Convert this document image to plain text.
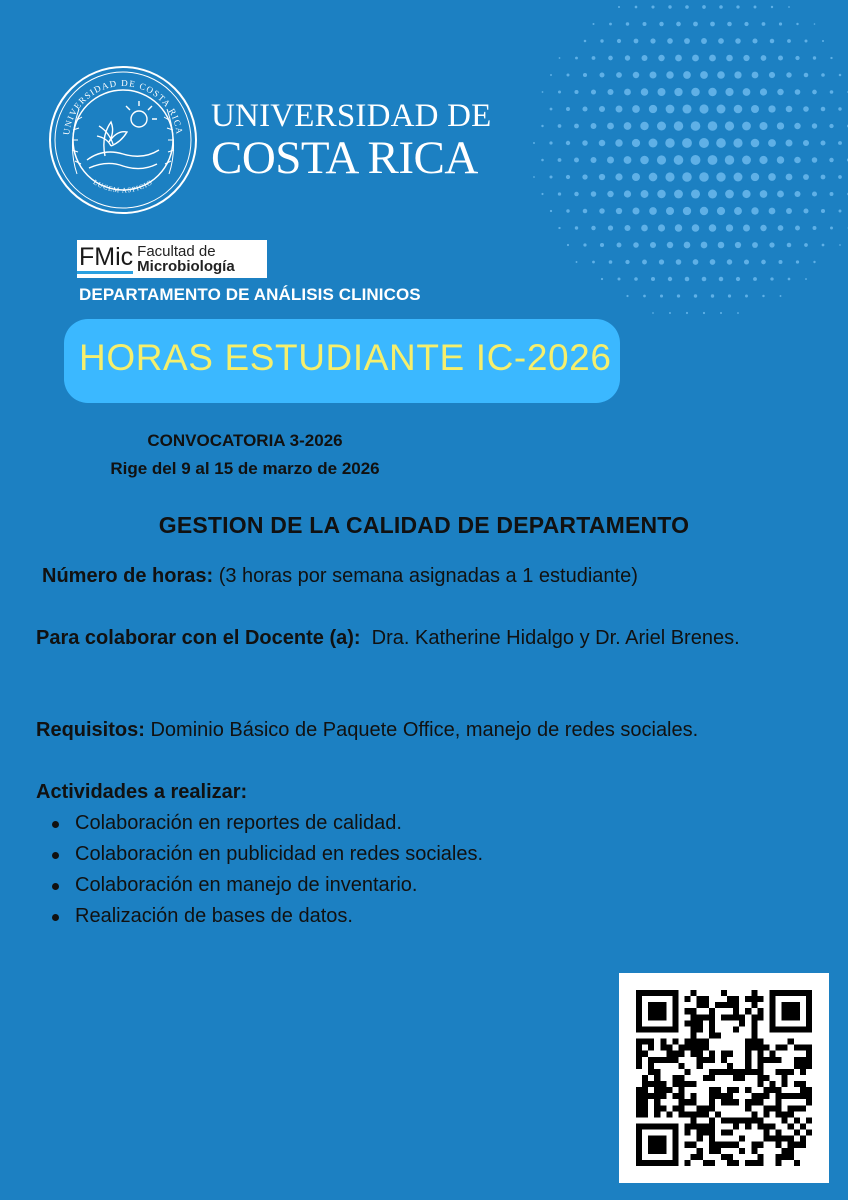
UNIVERSIDAD DE COSTA RICA
LUCEM ASPICIO
UNIVERSIDAD DE
COSTA RICA
FMic Facultad de
Microbiología
DEPARTAMENTO DE ANÁLISIS CLINICOS
HORAS ESTUDIANTE IC-2026
CONVOCATORIA 3-2026
Rige del 9 al 15 de marzo de 2026
GESTION DE LA CALIDAD DE DEPARTAMENTO
Número de horas: (3 horas por semana asignadas a 1 estudiante)
Para colaborar con el Docente (a): Dra. Katherine Hidalgo y Dr. Ariel Brenes.
Requisitos: Dominio Básico de Paquete Office, manejo de redes sociales.
Actividades a realizar:
Colaboración en reportes de calidad.
Colaboración en publicidad en redes sociales.
Colaboración en manejo de inventario.
Realización de bases de datos.
